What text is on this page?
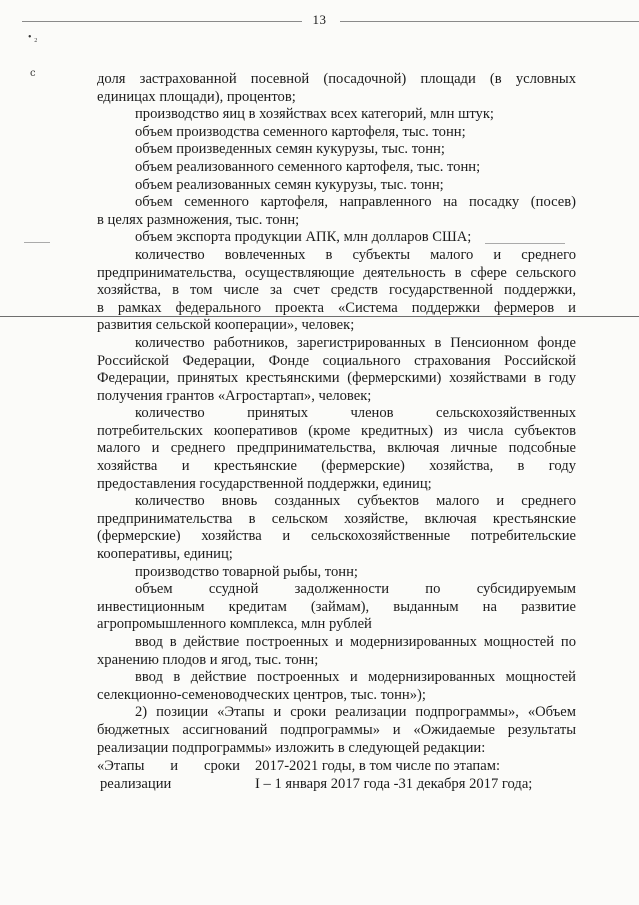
13
• ₂
ⅽ	доля застрахованной посевной (посадочной) площади (в условных
единицах площади), процентов;
производство яиц в хозяйствах всех категорий, млн штук;
объем производства семенного картофеля, тыс. тонн;
объем произведенных семян кукурузы, тыс. тонн;
объем реализованного семенного картофеля, тыс. тонн;
объем реализованных семян кукурузы, тыс. тонн;
объем семенного картофеля, направленного на посадку (посев)
в целях размножения, тыс. тонн;
объем экспорта продукции АПК, млн долларов США;
количество вовлеченных в субъекты малого и среднего
предпринимательства, осуществляющие деятельность в сфере сельского
хозяйства, в том числе за счет средств государственной поддержки,
в рамках федерального проекта «Система поддержки фермеров и
развития сельской кооперации», человек;
количество работников, зарегистрированных в Пенсионном фонде
Российской Федерации, Фонде социального страхования Российской
Федерации, принятых крестьянскими (фермерскими) хозяйствами в году
получения грантов «Агростартап», человек;
количество принятых членов сельскохозяйственных
потребительских кооперативов (кроме кредитных) из числа субъектов
малого и среднего предпринимательства, включая личные подсобные
хозяйства и крестьянские (фермерские) хозяйства, в году
предоставления государственной поддержки, единиц;
количество вновь созданных субъектов малого и среднего
предпринимательства в сельском хозяйстве, включая крестьянские
(фермерские) хозяйства и сельскохозяйственные потребительские
кооперативы, единиц;
производство товарной рыбы, тонн;
объем ссудной задолженности по субсидируемым
инвестиционным кредитам (займам), выданным на развитие
агропромышленного комплекса, млн рублей
ввод в действие построенных и модернизированных мощностей по
хранению плодов и ягод, тыс. тонн;
ввод в действие построенных и модернизированных мощностей
селекционно-семеноводческих центров, тыс. тонн»);
2) позиции «Этапы и сроки реализации подпрограммы», «Объем
бюджетных ассигнований подпрограммы» и «Ожидаемые результаты
реализации подпрограммы» изложить в следующей редакции:
«Этапы и сроки 2017-2021 годы, в том числе по этапам:
реализации	I – 1 января 2017 года -31 декабря 2017 года;
